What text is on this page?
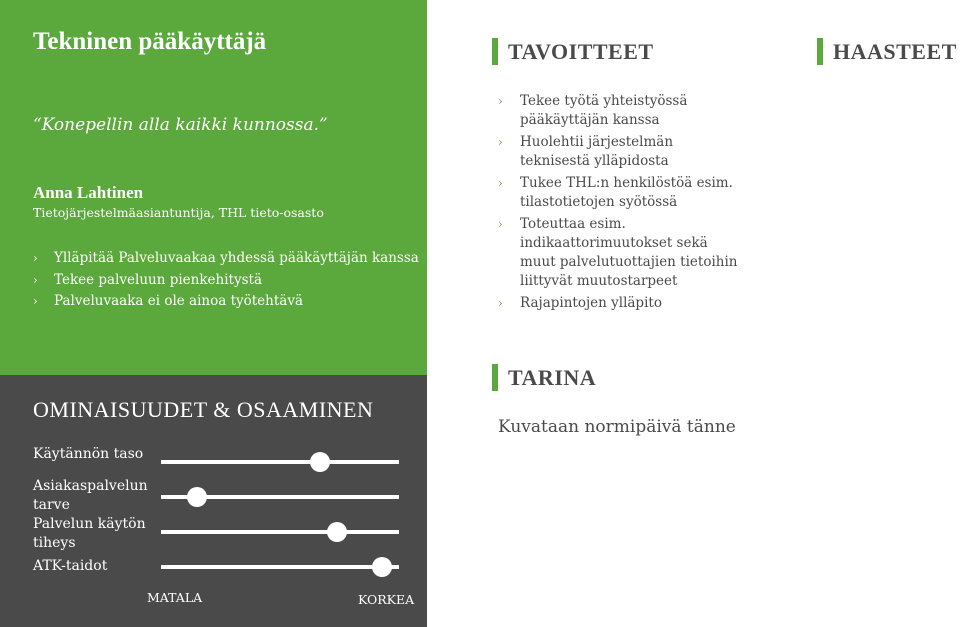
Tekninen pääkäyttäjä
“Konepellin alla kaikki kunnossa.”
Anna Lahtinen
Tietojärjestelmäasiantuntija, THL tieto-osasto
›	Ylläpitää Palveluvaakaa yhdessä pääkäyttäjän kanssa
›	Tekee palveluun pienkehitystä
›	Palveluvaaka ei ole ainoa työtehtävä
OMINAISUUDET & OSAAMINEN
Käytännön taso
Asiakaspalvelun tarve
Palvelun käytön tiheys
ATK-taidot
MATALA	KORKEA
TAVOITTEET
›	Tekee työtä yhteistyössä pääkäyttäjän kanssa
›	Huolehtii järjestelmän teknisestä ylläpidosta
›	Tukee THL:n henkilöstöä esim. tilastotietojen syötössä
›	Toteuttaa esim. indikaattorimuutokset sekä muut palvelutuottajien tietoihin liittyvät muutostarpeet
›	Rajapintojen ylläpito
HAASTEET
TARINA
Kuvataan normipäivä tänne
